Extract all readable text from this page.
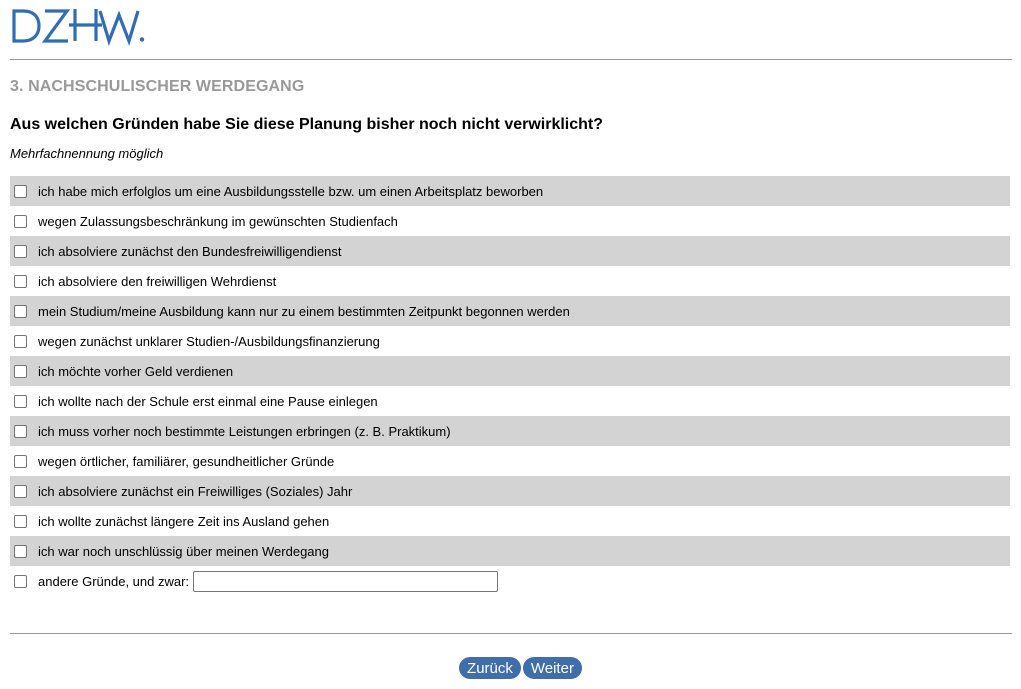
3. NACHSCHULISCHER WERDEGANG
Aus welchen Gründen habe Sie diese Planung bisher noch nicht verwirklicht?
Mehrfachnennung möglich
ich habe mich erfolglos um eine Ausbildungsstelle bzw. um einen Arbeitsplatz beworben
wegen Zulassungsbeschränkung im gewünschten Studienfach
ich absolviere zunächst den Bundesfreiwilligendienst
ich absolviere den freiwilligen Wehrdienst
mein Studium/meine Ausbildung kann nur zu einem bestimmten Zeitpunkt begonnen werden
wegen zunächst unklarer Studien-/Ausbildungsfinanzierung
ich möchte vorher Geld verdienen
ich wollte nach der Schule erst einmal eine Pause einlegen
ich muss vorher noch bestimmte Leistungen erbringen (z. B. Praktikum)
wegen örtlicher, familiärer, gesundheitlicher Gründe
ich absolviere zunächst ein Freiwilliges (Soziales) Jahr
ich wollte zunächst längere Zeit ins Ausland gehen
ich war noch unschlüssig über meinen Werdegang
andere Gründe, und zwar:
Zurück	Weiter
